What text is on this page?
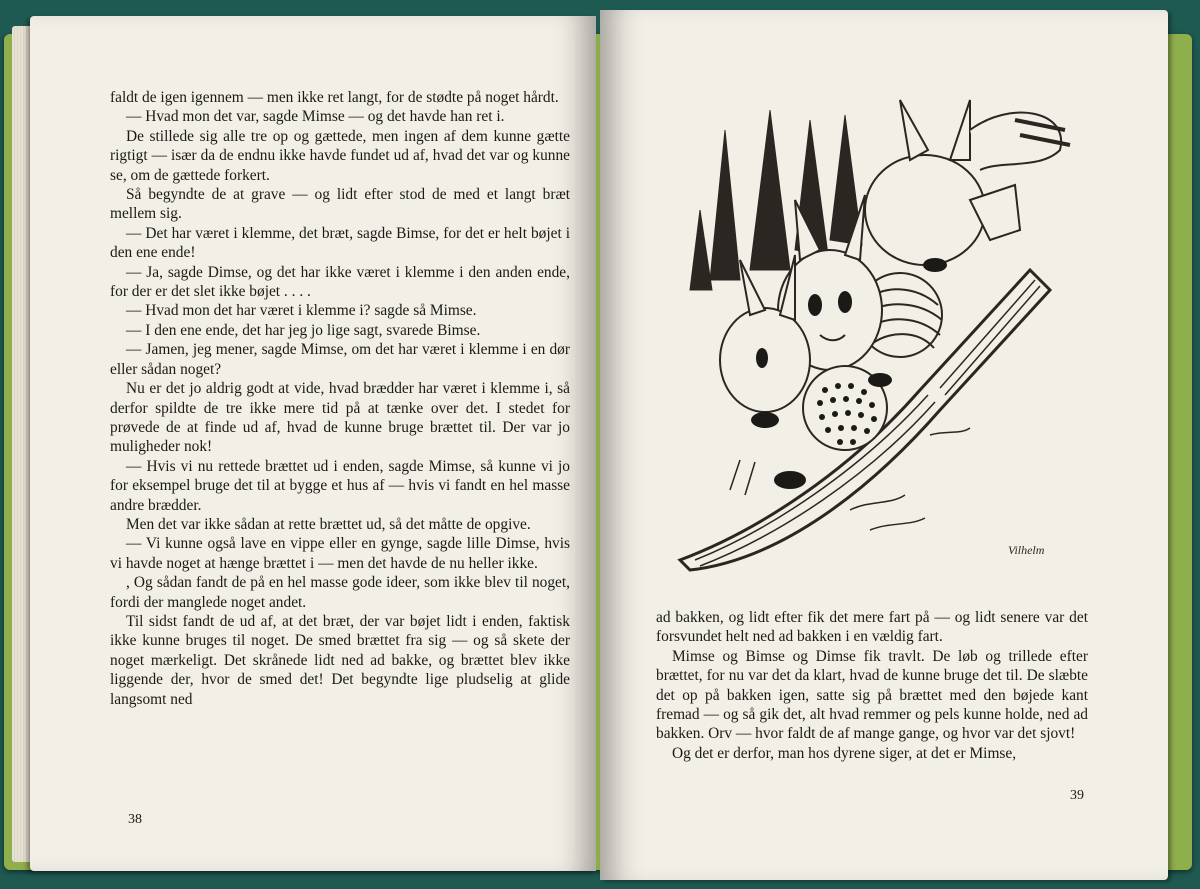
faldt de igen igennem — men ikke ret langt, for de stødte på noget hårdt.

— Hvad mon det var, sagde Mimse — og det havde han ret i.

De stillede sig alle tre op og gættede, men ingen af dem kunne gætte rigtigt — især da de endnu ikke havde fundet ud af, hvad det var og kunne se, om de gættede forkert.

Så begyndte de at grave — og lidt efter stod de med et langt bræt mellem sig.

— Det har været i klemme, det bræt, sagde Bimse, for det er helt bøjet i den ene ende!

— Ja, sagde Dimse, og det har ikke været i klemme i den anden ende, for der er det slet ikke bøjet . . . .

— Hvad mon det har været i klemme i? sagde så Mimse.

— I den ene ende, det har jeg jo lige sagt, svarede Bimse.

— Jamen, jeg mener, sagde Mimse, om det har været i klemme i en dør eller sådan noget?

Nu er det jo aldrig godt at vide, hvad brædder har været i klemme i, så derfor spildte de tre ikke mere tid på at tænke over det. I stedet for prøvede de at finde ud af, hvad de kunne bruge brættet til. Der var jo muligheder nok!

— Hvis vi nu rettede brættet ud i enden, sagde Mimse, så kunne vi jo for eksempel bruge det til at bygge et hus af — hvis vi fandt en hel masse andre brædder.

Men det var ikke sådan at rette brættet ud, så det måtte de opgive.

— Vi kunne også lave en vippe eller en gynge, sagde lille Dimse, hvis vi havde noget at hænge brættet i — men det havde de nu heller ikke.

, Og sådan fandt de på en hel masse gode ideer, som ikke blev til noget, fordi der manglede noget andet.

Til sidst fandt de ud af, at det bræt, der var bøjet lidt i enden, faktisk ikke kunne bruges til noget. De smed brættet fra sig — og så skete der noget mærkeligt. Det skrånede lidt ned ad bakke, og brættet blev ikke liggende der, hvor de smed det! Det begyndte lige pludselig at glide langsomt ned

38
Vilhelm

ad bakken, og lidt efter fik det mere fart på — og lidt senere var det forsvundet helt ned ad bakken i en vældig fart.

Mimse og Bimse og Dimse fik travlt. De løb og trillede efter brættet, for nu var det da klart, hvad de kunne bruge det til. De slæbte det op på bakken igen, satte sig på brættet med den bøjede kant fremad — og så gik det, alt hvad remmer og pels kunne holde, ned ad bakken. Orv — hvor faldt de af mange gange, og hvor var det sjovt!

Og det er derfor, man hos dyrene siger, at det er Mimse,

39
